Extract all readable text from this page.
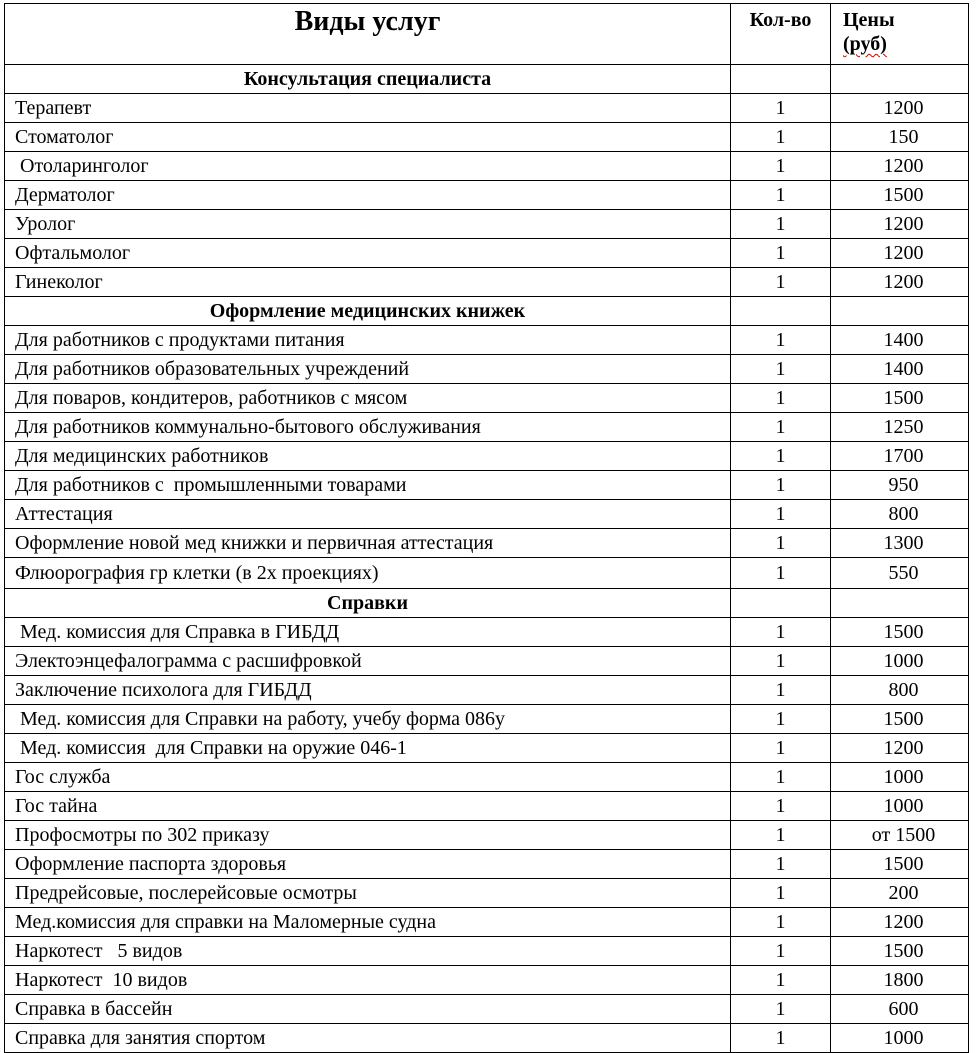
Виды услуг	Кол-во	Цены
(руб)
Консультация специалиста		
Терапевт	1	1200
Стоматолог	1	150
Отоларинголог	1	1200
Дерматолог	1	1500
Уролог	1	1200
Офтальмолог	1	1200
Гинеколог	1	1200
Оформление медицинских книжек		
Для работников с продуктами питания	1	1400
Для работников образовательных учреждений	1	1400
Для поваров, кондитеров, работников с мясом	1	1500
Для работников коммунально-бытового обслуживания	1	1250
Для медицинских работников	1	1700
Для работников с  промышленными товарами	1	950
Аттестация	1	800
Оформление новой мед книжки и первичная аттестация	1	1300
Флюорография гр клетки (в 2х проекциях)	1	550
Справки		
Мед. комиссия для Справка в ГИБДД	1	1500
Электоэнцефалограмма с расшифровкой	1	1000
Заключение психолога для ГИБДД	1	800
Мед. комиссия для Справки на работу, учебу форма 086у	1	1500
Мед. комиссия  для Справки на оружие 046-1	1	1200
Гос служба	1	1000
Гос тайна	1	1000
Профосмотры по 302 приказу	1	от 1500
Оформление паспорта здоровья	1	1500
Предрейсовые, послерейсовые осмотры	1	200
Мед.комиссия для справки на Маломерные судна	1	1200
Наркотест   5 видов	1	1500
Наркотест  10 видов	1	1800
Справка в бассейн	1	600
Справка для занятия спортом	1	1000
